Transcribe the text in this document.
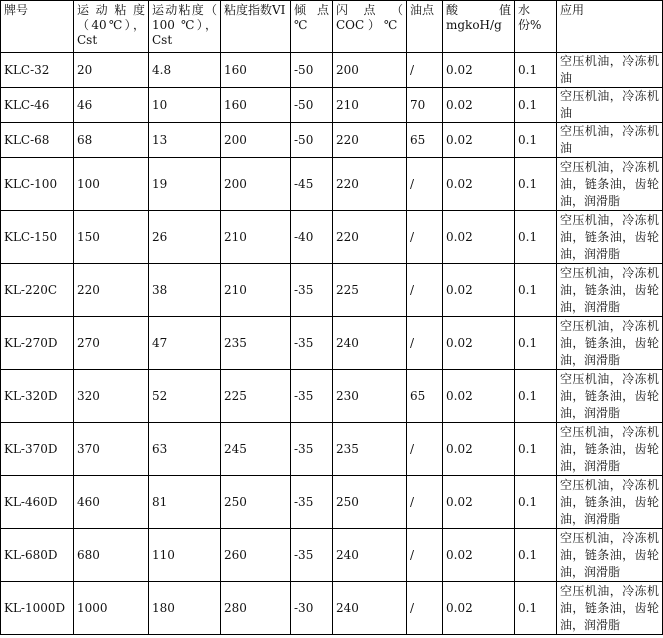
牌号	运动粘度（40℃），Cst	运动粘度（ 100 ℃），Cst	粘度指数VI	倾 点 ℃	闪 点 （ COC ） ℃	油点	酸 值 mgkoH/g	水份%	应用
KLC-32	20	4.8	160	-50	200	/	0.02	0.1	空压机油，冷冻机油
KLC-46	46	10	160	-50	210	70	0.02	0.1	空压机油，冷冻机油
KLC-68	68	13	200	-50	220	65	0.02	0.1	空压机油，冷冻机油
KLC-100	100	19	200	-45	220	/	0.02	0.1	空压机油，冷冻机油，链条油，齿轮油，润滑脂
KLC-150	150	26	210	-40	220	/	0.02	0.1	空压机油，冷冻机油，链条油，齿轮油，润滑脂
KL-220C	220	38	210	-35	225	/	0.02	0.1	空压机油，冷冻机油，链条油，齿轮油，润滑脂
KL-270D	270	47	235	-35	240	/	0.02	0.1	空压机油，冷冻机油，链条油，齿轮油，润滑脂
KL-320D	320	52	225	-35	230	65	0.02	0.1	空压机油，冷冻机油，链条油，齿轮油，润滑脂
KL-370D	370	63	245	-35	235	/	0.02	0.1	空压机油，冷冻机油，链条油，齿轮油，润滑脂
KL-460D	460	81	250	-35	250	/	0.02	0.1	空压机油，冷冻机油，链条油，齿轮油，润滑脂
KL-680D	680	110	260	-35	240	/	0.02	0.1	空压机油，冷冻机油，链条油，齿轮油，润滑脂
KL-1000D	1000	180	280	-30	240	/	0.02	0.1	空压机油，冷冻机油，链条油，齿轮油，润滑脂
